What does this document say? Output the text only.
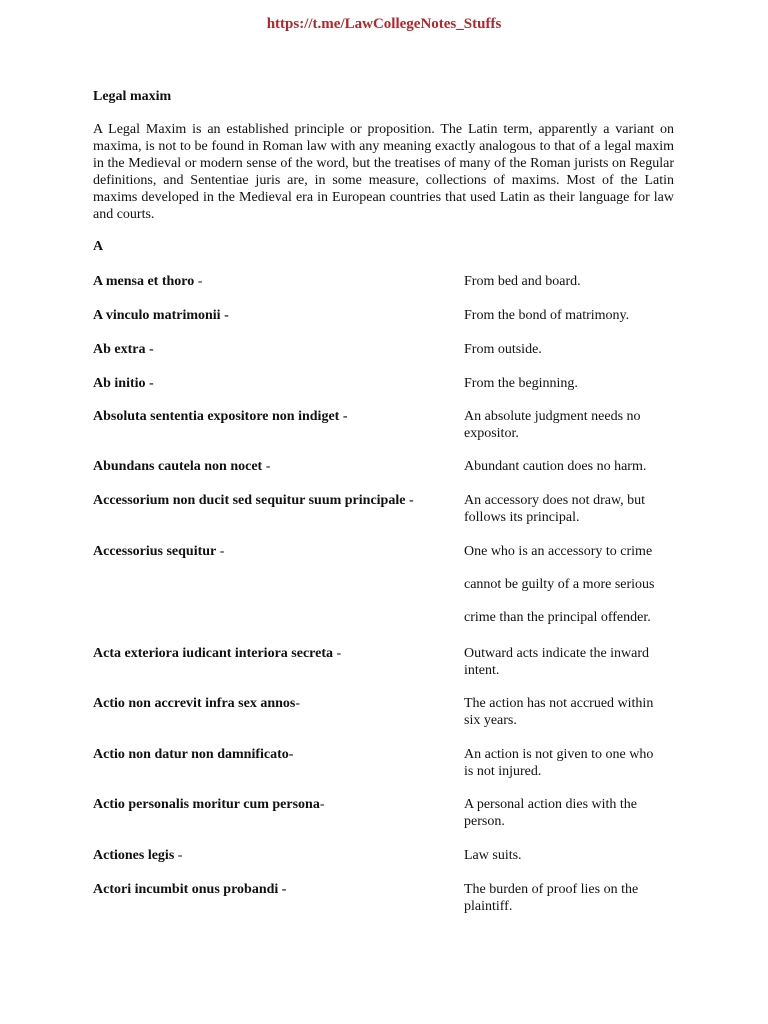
https://t.me/LawCollegeNotes_Stuffs
Legal maxim

A Legal Maxim is an established principle or proposition. The Latin term, apparently a variant on maxima, is not to be found in Roman law with any meaning exactly analogous to that of a legal maxim in the Medieval or modern sense of the word, but the treatises of many of the Roman jurists on Regular definitions, and Sententiae juris are, in some measure, collections of maxims. Most of the Latin maxims developed in the Medieval era in European countries that used Latin as their language for law and courts.

A
A mensa et thoro -	From bed and board.
A vinculo matrimonii -	From the bond of matrimony.
Ab extra -	From outside.
Ab initio -	From the beginning.
Absoluta sententia expositore non indiget -	An absolute judgment needs no
expositor.
Abundans cautela non nocet -	Abundant caution does no harm.
Accessorium non ducit sed sequitur suum principale -	An accessory does not draw, but
follows its principal.
Accessorius sequitur -	One who is an accessory to crime
cannot be guilty of a more serious
crime than the principal offender.
Acta exteriora iudicant interiora secreta -	Outward acts indicate the inward
intent.
Actio non accrevit infra sex annos-	The action has not accrued within
six years.
Actio non datur non damnificato-	An action is not given to one who
is not injured.
Actio personalis moritur cum persona-	A personal action dies with the
person.
Actiones legis -	Law suits.
Actori incumbit onus probandi -	The burden of proof lies on the
plaintiff.
